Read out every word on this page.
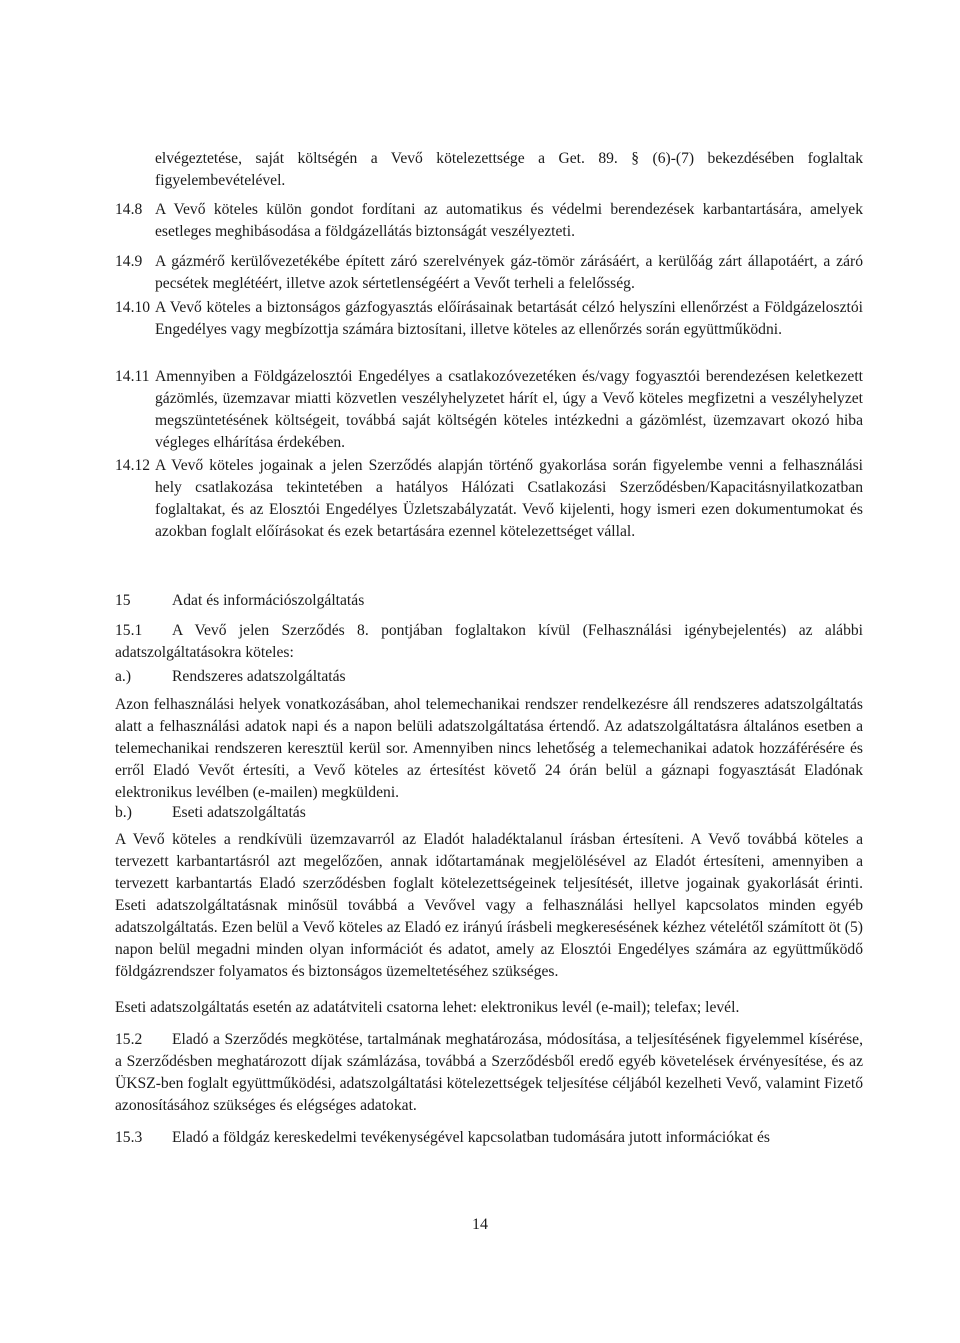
elvégeztetése, saját költségén a Vevő kötelezettsége a Get. 89. § (6)-(7) bekezdésében foglaltak figyelembevételével.

14.8 A Vevő köteles külön gondot fordítani az automatikus és védelmi berendezések karbantartására, amelyek esetleges meghibásodása a földgázellátás biztonságát veszélyezteti.
14.9 A gázmérő kerülővezetékébe épített záró szerelvények gáz-tömör zárásáért, a kerülőág zárt állapotáért, a záró pecsétek meglétéért, illetve azok sértetlenségéért a Vevőt terheli a felelősség.
14.10 A Vevő köteles a biztonságos gázfogyasztás előírásainak betartását célzó helyszíni ellenőrzést a Földgázelosztói Engedélyes vagy megbízottja számára biztosítani, illetve köteles az ellenőrzés során együttműködni.
14.11 Amennyiben a Földgázelosztói Engedélyes a csatlakozóvezetéken és/vagy fogyasztói berendezésen keletkezett gázömlés, üzemzavar miatti közvetlen veszélyhelyzetet hárít el, úgy a Vevő köteles megfizetni a veszélyhelyzet megszüntetésének költségeit, továbbá saját költségén köteles intézkedni a gázömlést, üzemzavart okozó hiba végleges elhárítása érdekében.
14.12 A Vevő köteles jogainak a jelen Szerződés alapján történő gyakorlása során figyelembe venni a felhasználási hely csatlakozása tekintetében a hatályos Hálózati Csatlakozási Szerződésben/Kapacitásnyilatkozatban foglaltakat, és az Elosztói Engedélyes Üzletszabályzatát. Vevő kijelenti, hogy ismeri ezen dokumentumokat és azokban foglalt előírásokat és ezek betartására ezennel kötelezettséget vállal.
15	Adat és információszolgáltatás
15.1	A Vevő jelen Szerződés 8. pontjában foglaltakon kívül (Felhasználási igénybejelentés) az alábbi adatszolgáltatásokra köteles:
a.)	Rendszeres adatszolgáltatás

Azon felhasználási helyek vonatkozásában, ahol telemechanikai rendszer rendelkezésre áll rendszeres adatszolgáltatás alatt a felhasználási adatok napi és a napon belüli adatszolgáltatása értendő. Az adatszolgáltatásra általános esetben a telemechanikai rendszeren keresztül kerül sor. Amennyiben nincs lehetőség a telemechanikai adatok hozzáférésére és erről Eladó Vevőt értesíti, a Vevő köteles az értesítést követő 24 órán belül a gáznapi fogyasztását Eladónak elektronikus levélben (e-mailen) megküldeni.

b.)	Eseti adatszolgáltatás

A Vevő köteles a rendkívüli üzemzavarról az Eladót haladéktalanul írásban értesíteni. A Vevő továbbá köteles a tervezett karbantartásról azt megelőzően, annak időtartamának megjelölésével az Eladót értesíteni, amennyiben a tervezett karbantartás Eladó szerződésben foglalt kötelezettségeinek teljesítését, illetve jogainak gyakorlását érinti. Eseti adatszolgáltatásnak minősül továbbá a Vevővel vagy a felhasználási hellyel kapcsolatos minden egyéb adatszolgáltatás. Ezen belül a Vevő köteles az Eladó ez irányú írásbeli megkeresésének kézhez vételétől számított öt (5) napon belül megadni minden olyan információt és adatot, amely az Elosztói Engedélyes számára az együttműködő földgázrendszer folyamatos és biztonságos üzemeltetéséhez szükséges.

Eseti adatszolgáltatás esetén az adatátviteli csatorna lehet: elektronikus levél (e-mail); telefax; levél.

15.2	Eladó a Szerződés megkötése, tartalmának meghatározása, módosítása, a teljesítésének figyelemmel kísérése, a Szerződésben meghatározott díjak számlázása, továbbá a Szerződésből eredő egyéb követelések érvényesítése, és az ÜKSZ-ben foglalt együttműködési, adatszolgáltatási kötelezettségek teljesítése céljából kezelheti Vevő, valamint Fizető azonosításához szükséges és elégséges adatokat.
15.3	Eladó a földgáz kereskedelmi tevékenységével kapcsolatban tudomására jutott információkat és

14
